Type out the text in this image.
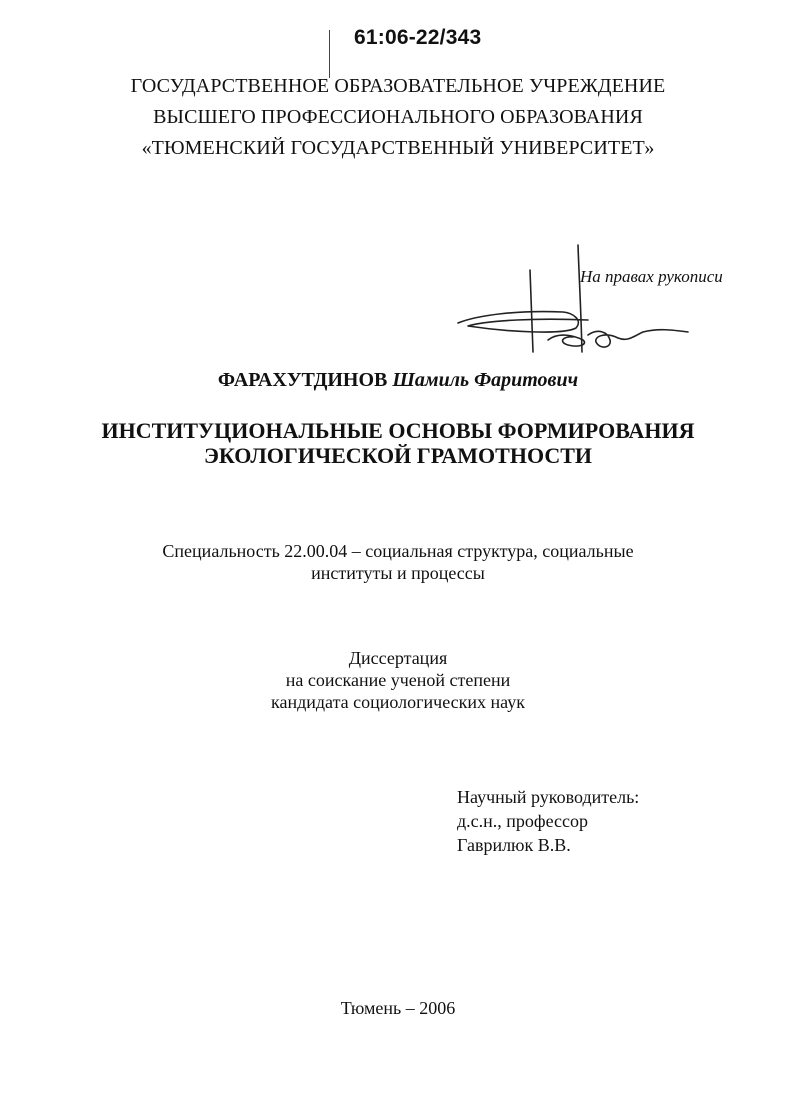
61:06-22/343
ГОСУДАРСТВЕННОЕ ОБРАЗОВАТЕЛЬНОЕ УЧРЕЖДЕНИЕ
ВЫСШЕГО ПРОФЕССИОНАЛЬНОГО ОБРАЗОВАНИЯ
«ТЮМЕНСКИЙ ГОСУДАРСТВЕННЫЙ УНИВЕРСИТЕТ»
На правах рукописи
ФАРАХУТДИНОВ Шамиль Фаритович
ИНСТИТУЦИОНАЛЬНЫЕ ОСНОВЫ ФОРМИРОВАНИЯ
ЭКОЛОГИЧЕСКОЙ ГРАМОТНОСТИ
Специальность 22.00.04 – социальная структура, социальные
институты и процессы
Диссертация
на соискание ученой степени
кандидата социологических наук
Научный руководитель:
д.с.н., профессор
Гаврилюк В.В.
Тюмень – 2006
